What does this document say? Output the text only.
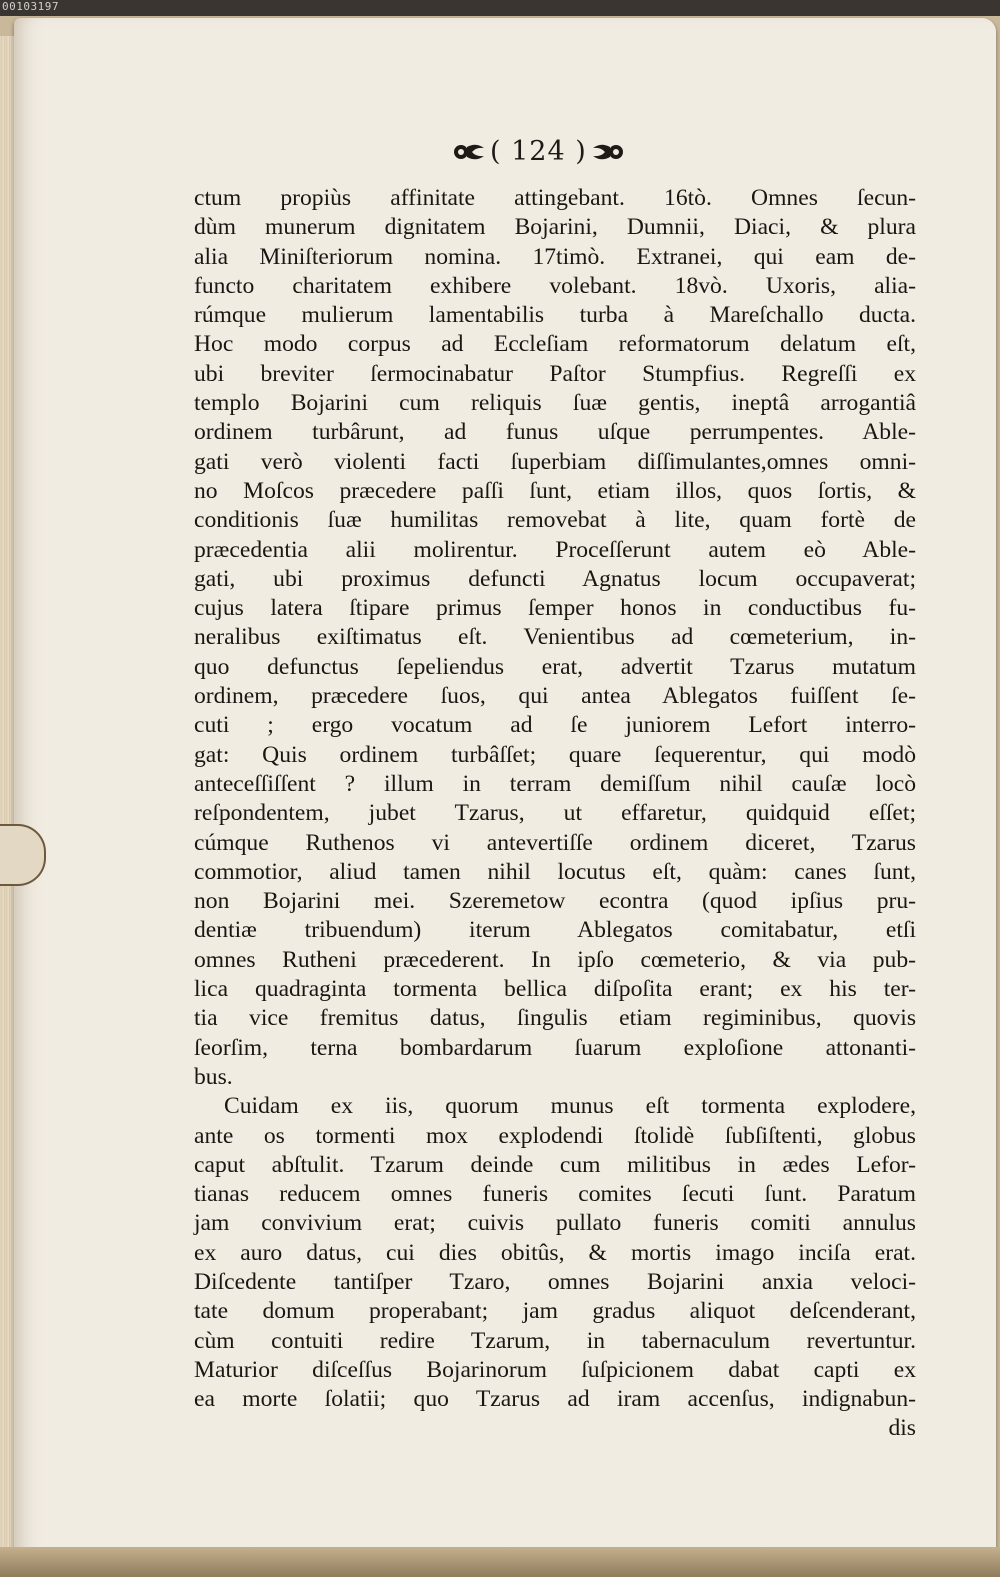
00103197
( 124 )
ctum propiùs affinitate attingebant. 16tò. Omnes ſecun-
dùm munerum dignitatem Bojarini, Dumnii, Diaci, & plura
alia Miniſteriorum nomina. 17timò. Extranei, qui eam de-
functo charitatem exhibere volebant. 18vò. Uxoris, alia-
rúmque mulierum lamentabilis turba à Mareſchallo ducta.
Hoc modo corpus ad Eccleſiam reformatorum delatum eſt,
ubi breviter ſermocinabatur Paſtor Stumpfius. Regreſſi ex
templo Bojarini cum reliquis ſuæ gentis, ineptâ arrogantiâ
ordinem turbârunt, ad funus uſque perrumpentes. Able-
gati verò violenti facti ſuperbiam diſſimulantes,omnes omni-
no Moſcos præcedere paſſi ſunt, etiam illos, quos ſortis, &
conditionis ſuæ humilitas removebat à lite, quam fortè de
præcedentia alii molirentur. Proceſſerunt autem eò Able-
gati, ubi proximus defuncti Agnatus locum occupaverat;
cujus latera ſtipare primus ſemper honos in conductibus fu-
neralibus exiſtimatus eſt. Venientibus ad cœmeterium, in-
quo defunctus ſepeliendus erat, advertit Tzarus mutatum
ordinem, præcedere ſuos, qui antea Ablegatos fuiſſent ſe-
cuti ; ergo vocatum ad ſe juniorem Lefort interro-
gat: Quis ordinem turbâſſet; quare ſequerentur, qui modò
anteceſſiſſent ? illum in terram demiſſum nihil cauſæ locò
reſpondentem, jubet Tzarus, ut effaretur, quidquid eſſet;
cúmque Ruthenos vi antevertiſſe ordinem diceret, Tzarus
commotior, aliud tamen nihil locutus eſt, quàm: canes ſunt,
non Bojarini mei. Szeremetow econtra (quod ipſius pru-
dentiæ tribuendum) iterum Ablegatos comitabatur, etſi
omnes Rutheni præcederent. In ipſo cœmeterio, & via pub-
lica quadraginta tormenta bellica diſpoſita erant; ex his ter-
tia vice fremitus datus, ſingulis etiam regiminibus, quovis
ſeorſim, terna bombardarum ſuarum exploſione attonanti-
bus.
Cuidam ex iis, quorum munus eſt tormenta explodere,
ante os tormenti mox explodendi ſtolidè ſubſiſtenti, globus
caput abſtulit. Tzarum deinde cum militibus in ædes Lefor-
tianas reducem omnes funeris comites ſecuti ſunt. Paratum
jam convivium erat; cuivis pullato funeris comiti annulus
ex auro datus, cui dies obitûs, & mortis imago inciſa erat.
Diſcedente tantiſper Tzaro, omnes Bojarini anxia veloci-
tate domum properabant; jam gradus aliquot deſcenderant,
cùm contuiti redire Tzarum, in tabernaculum revertuntur.
Maturior diſceſſus Bojarinorum ſuſpicionem dabat capti ex
ea morte ſolatii; quo Tzarus ad iram accenſus, indignabun-
dis
